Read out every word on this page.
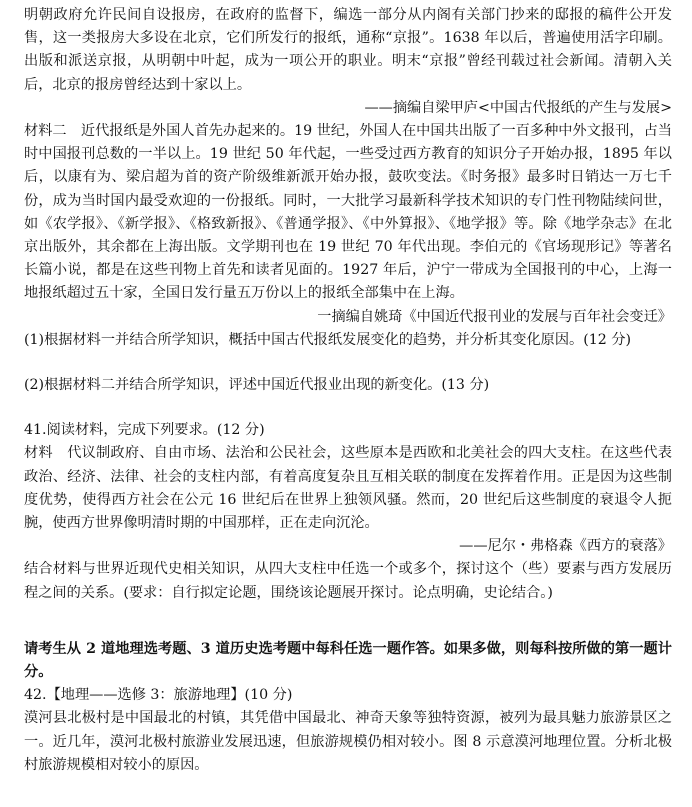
明朝政府允许民间自设报房，在政府的监督下，编选一部分从内阁有关部门抄来的邸报的稿件公开发售，这一类报房大多设在北京，它们所发行的报纸，通称“京报”。1638 年以后，普遍使用活字印刷。出版和派送京报，从明朝中叶起，成为一项公开的职业。明末“京报”曾经刊载过社会新闻。清朝入关后，北京的报房曾经达到十家以上。

——摘编自梁甲庐<中国古代报纸的产生与发展>

材料二　近代报纸是外国人首先办起来的。19 世纪，外国人在中国共出版了一百多种中外文报刊，占当时中国报刊总数的一半以上。19 世纪 50 年代起，一些受过西方教育的知识分子开始办报，1895 年以后，以康有为、梁启超为首的资产阶级维新派开始办报，鼓吹变法。《时务报》最多时日销达一万七千份，成为当时国内最受欢迎的一份报纸。同时，一大批学习最新科学技术知识的专门性刊物陆续问世，如《农学报》、《新学报》、《格致新报》、《普通学报》、《中外算报》、《地学报》等。除《地学杂志》在北京出版外，其余都在上海出版。文学期刊也在 19 世纪 70 年代出现。李伯元的《官场现形记》等著名长篇小说，都是在这些刊物上首先和读者见面的。1927 年后，沪宁一带成为全国报刊的中心，上海一地报纸超过五十家，全国日发行量五万份以上的报纸全部集中在上海。

一摘编自姚琦《中国近代报刊业的发展与百年社会变迁》

(1)根据材料一并结合所学知识，概括中国古代报纸发展变化的趋势，并分析其变化原因。(12 分)

(2)根据材料二并结合所学知识，评述中国近代报业出现的新变化。(13 分)

41.阅读材料，完成下列要求。(12 分)

材料　代议制政府、自由市场、法治和公民社会，这些原本是西欧和北美社会的四大支柱。在这些代表政治、经济、法律、社会的支柱内部，有着高度复杂且互相关联的制度在发挥着作用。正是因为这些制度优势，使得西方社会在公元 16 世纪后在世界上独领风骚。然而，20 世纪后这些制度的衰退令人扼腕，使西方世界像明清时期的中国那样，正在走向沉沦。

——尼尔・弗格森《西方的衰落》

结合材料与世界近现代史相关知识，从四大支柱中任选一个或多个，探讨这个（些）要素与西方发展历程之间的关系。(要求：自行拟定论题，围绕该论题展开探讨。论点明确，史论结合。)

请考生从 2 道地理选考题、3 道历史选考题中每科任选一题作答。如果多做，则每科按所做的第一题计分。

42.【地理——选修 3：旅游地理】(10 分)

漠河县北极村是中国最北的村镇，其凭借中国最北、神奇天象等独特资源，被列为最具魅力旅游景区之一。近几年，漠河北极村旅游业发展迅速，但旅游规模仍相对较小。图 8 示意漠河地理位置。分析北极村旅游规模相对较小的原因。
